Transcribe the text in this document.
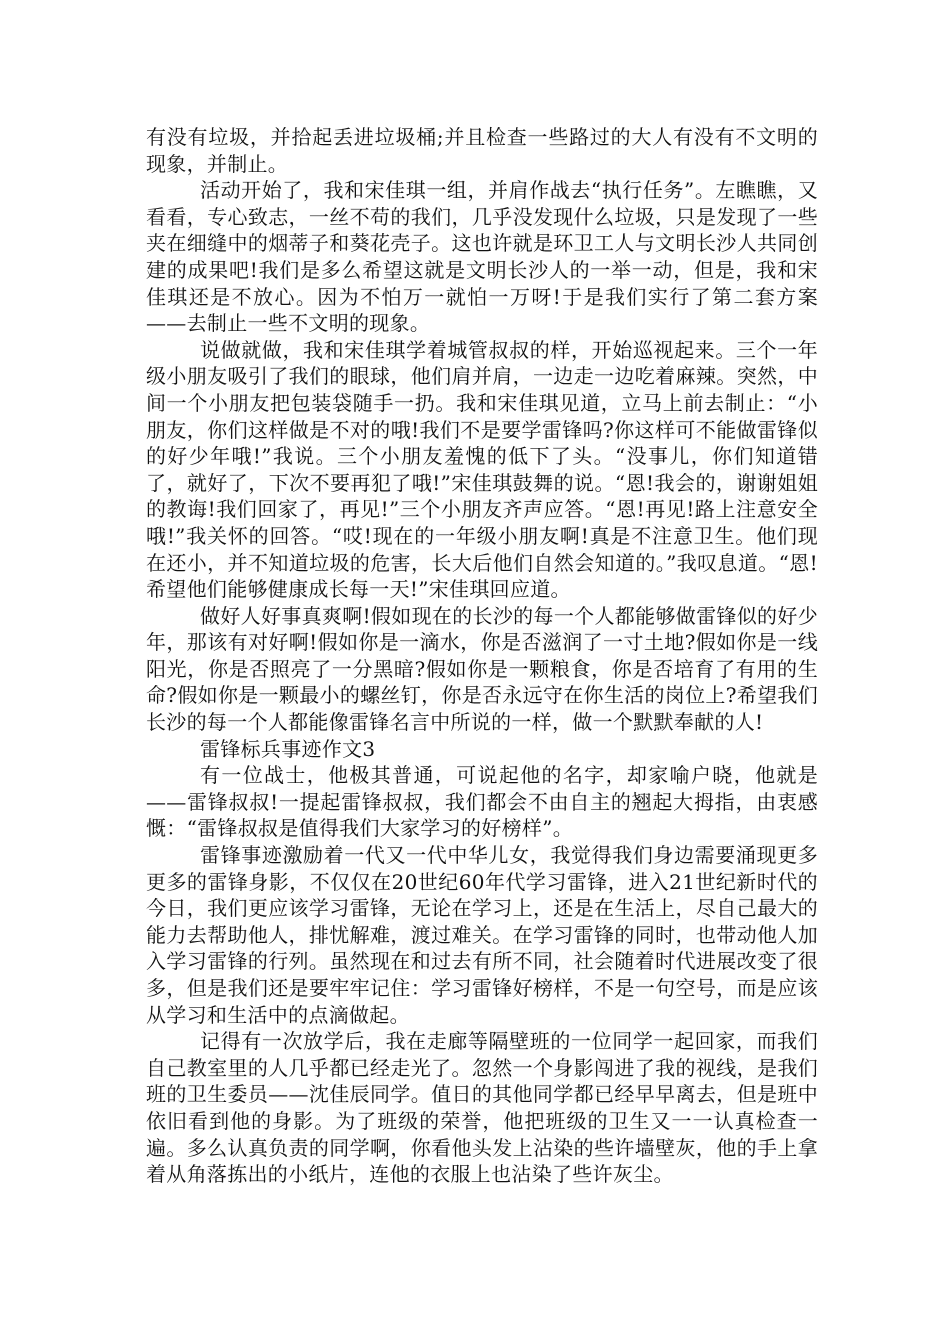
有没有垃圾，并拾起丢进垃圾桶;并且检查一些路过的大人有没有不文明的现象，并制止。

活动开始了，我和宋佳琪一组，并肩作战去“执行任务”。左瞧瞧，又看看，专心致志，一丝不苟的我们，几乎没发现什么垃圾，只是发现了一些夹在细缝中的烟蒂子和葵花壳子。这也许就是环卫工人与文明长沙人共同创建的成果吧!我们是多么希望这就是文明长沙人的一举一动，但是，我和宋佳琪还是不放心。因为不怕万一就怕一万呀!于是我们实行了第二套方案——去制止一些不文明的现象。

说做就做，我和宋佳琪学着城管叔叔的样，开始巡视起来。三个一年级小朋友吸引了我们的眼球，他们肩并肩，一边走一边吃着麻辣。突然，中间一个小朋友把包装袋随手一扔。我和宋佳琪见道，立马上前去制止：“小朋友，你们这样做是不对的哦!我们不是要学雷锋吗?你这样可不能做雷锋似的好少年哦!”我说。三个小朋友羞愧的低下了头。“没事儿，你们知道错了，就好了，下次不要再犯了哦!”宋佳琪鼓舞的说。“恩!我会的，谢谢姐姐的教诲!我们回家了，再见!”三个小朋友齐声应答。“恩!再见!路上注意安全哦!”我关怀的回答。“哎!现在的一年级小朋友啊!真是不注意卫生。他们现在还小，并不知道垃圾的危害，长大后他们自然会知道的。”我叹息道。“恩!希望他们能够健康成长每一天!”宋佳琪回应道。

做好人好事真爽啊!假如现在的长沙的每一个人都能够做雷锋似的好少年，那该有对好啊!假如你是一滴水，你是否滋润了一寸土地?假如你是一线阳光，你是否照亮了一分黑暗?假如你是一颗粮食，你是否培育了有用的生命?假如你是一颗最小的螺丝钉，你是否永远守在你生活的岗位上?希望我们长沙的每一个人都能像雷锋名言中所说的一样，做一个默默奉献的人!

雷锋标兵事迹作文3

有一位战士，他极其普通，可说起他的名字，却家喻户晓，他就是——雷锋叔叔!一提起雷锋叔叔，我们都会不由自主的翘起大拇指，由衷感慨：“雷锋叔叔是值得我们大家学习的好榜样”。

雷锋事迹激励着一代又一代中华儿女，我觉得我们身边需要涌现更多更多的雷锋身影，不仅仅在20世纪60年代学习雷锋，进入21世纪新时代的今日，我们更应该学习雷锋，无论在学习上，还是在生活上，尽自己最大的能力去帮助他人，排忧解难，渡过难关。在学习雷锋的同时，也带动他人加入学习雷锋的行列。虽然现在和过去有所不同，社会随着时代进展改变了很多，但是我们还是要牢牢记住：学习雷锋好榜样，不是一句空号，而是应该从学习和生活中的点滴做起。

记得有一次放学后，我在走廊等隔壁班的一位同学一起回家，而我们自己教室里的人几乎都已经走光了。忽然一个身影闯进了我的视线，是我们班的卫生委员——沈佳辰同学。值日的其他同学都已经早早离去，但是班中依旧看到他的身影。为了班级的荣誉，他把班级的卫生又一一认真检查一遍。多么认真负责的同学啊，你看他头发上沾染的些许墙壁灰，他的手上拿着从角落拣出的小纸片，连他的衣服上也沾染了些许灰尘。
